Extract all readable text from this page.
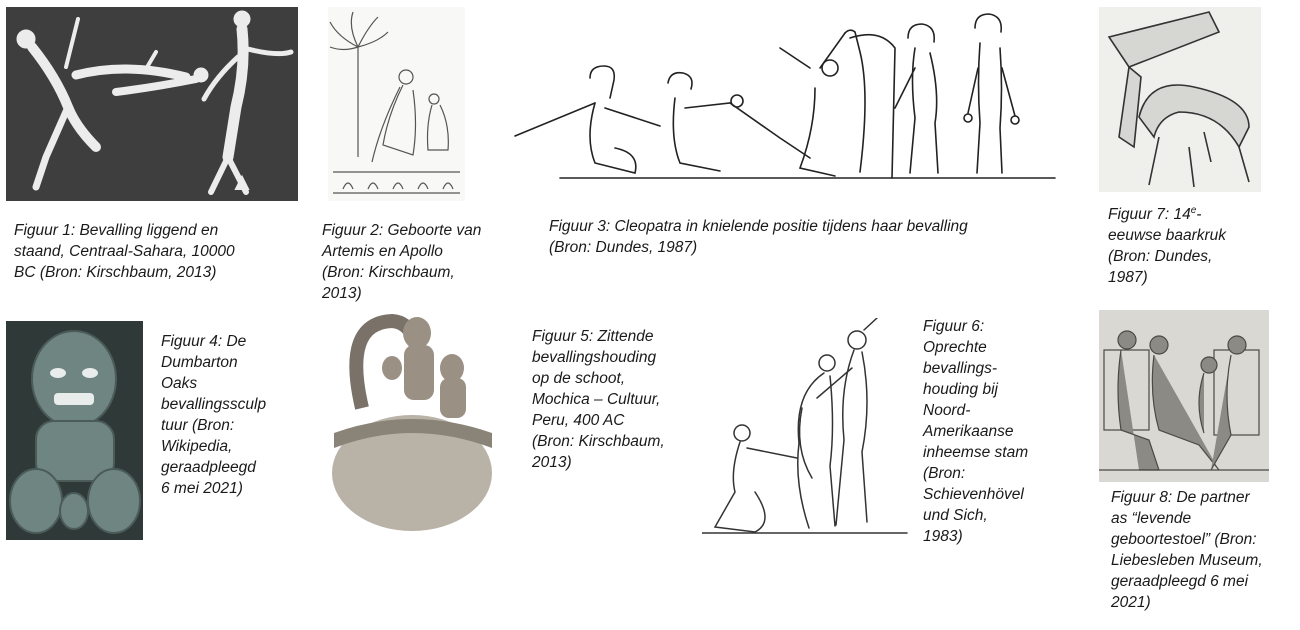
Figuur 1: Bevalling liggend en
staand, Centraal-Sahara, 10000
BC (Bron: Kirschbaum, 2013)

Figuur 2: Geboorte van
Artemis en Apollo
(Bron: Kirschbaum,
2013)

Figuur 3: Cleopatra in knielende positie tijdens haar bevalling
(Bron: Dundes, 1987)

Figuur 7: 14e-
eeuwse baarkruk
(Bron: Dundes,
1987)

Figuur 4: De
Dumbarton
Oaks
bevallingssculp
tuur (Bron:
Wikipedia,
geraadpleegd
6 mei 2021)

Figuur 5: Zittende
bevallingshouding
op de schoot,
Mochica – Cultuur,
Peru, 400 AC
(Bron: Kirschbaum,
2013)

Figuur 6:
Oprechte
bevallings-
houding bij
Noord-
Amerikaanse
inheemse stam
(Bron:
Schievenhövel
und Sich,
1983)

Figuur 8: De partner
as “levende
geboortestoel” (Bron:
Liebesleben Museum,
geraadpleegd 6 mei
2021)
